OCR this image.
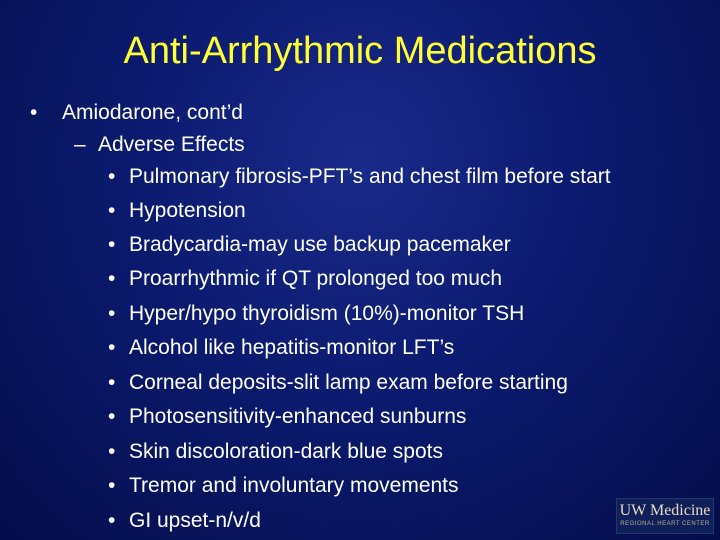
Anti-Arrhythmic Medications
• Amiodarone, cont’d
– Adverse Effects
• Pulmonary fibrosis-PFT’s and chest film before start
• Hypotension
• Bradycardia-may use backup pacemaker
• Proarrhythmic if QT prolonged too much
• Hyper/hypo thyroidism (10%)-monitor TSH
• Alcohol like hepatitis-monitor LFT’s
• Corneal deposits-slit lamp exam before starting
• Photosensitivity-enhanced sunburns
• Skin discoloration-dark blue spots
• Tremor and involuntary movements
• GI upset-n/v/d	UW Medicine
REGIONAL HEART CENTER
